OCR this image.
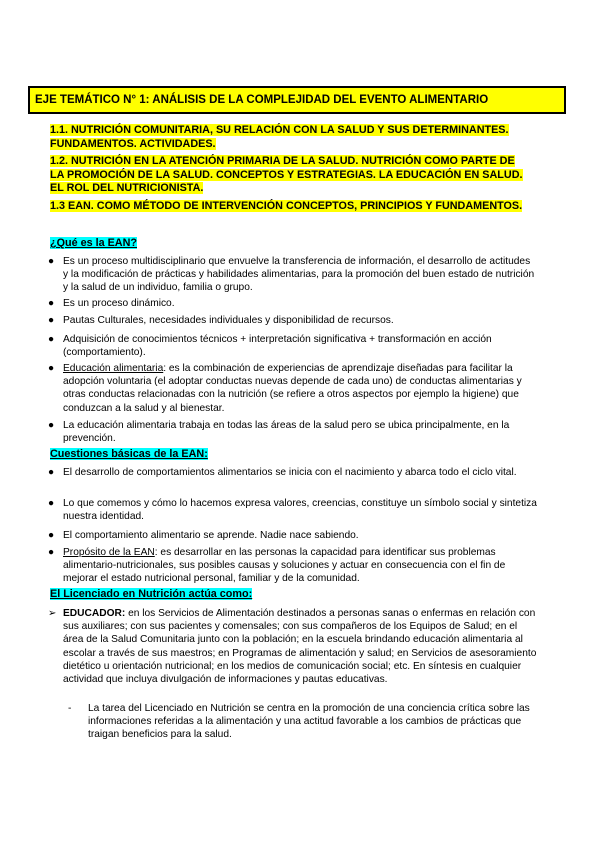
EJE TEMÁTICO N° 1: ANÁLISIS DE LA COMPLEJIDAD DEL EVENTO ALIMENTARIO
1.1. NUTRICIÓN COMUNITARIA, SU RELACIÓN CON LA SALUD Y SUS DETERMINANTES. FUNDAMENTOS. ACTIVIDADES.
1.2. NUTRICIÓN EN LA ATENCIÓN PRIMARIA DE LA SALUD. NUTRICIÓN COMO PARTE DE LA PROMOCIÓN DE LA SALUD. CONCEPTOS Y ESTRATEGIAS. LA EDUCACIÓN EN SALUD. EL ROL DEL NUTRICIONISTA.
1.3 EAN. COMO MÉTODO DE INTERVENCIÓN CONCEPTOS, PRINCIPIOS Y FUNDAMENTOS.
¿Qué es la EAN?
● Es un proceso multidisciplinario que envuelve la transferencia de información, el desarrollo de actitudes y la modificación de prácticas y habilidades alimentarias, para la promoción del buen estado de nutrición y la salud de un individuo, familia o grupo.
● Es un proceso dinámico.
● Pautas Culturales, necesidades individuales y disponibilidad de recursos.
● Adquisición de conocimientos técnicos + interpretación significativa + transformación en acción (comportamiento).
● Educación alimentaria: es la combinación de experiencias de aprendizaje diseñadas para facilitar la adopción voluntaria (el adoptar conductas nuevas depende de cada uno) de conductas alimentarias y otras conductas relacionadas con la nutrición (se refiere a otros aspectos por ejemplo la higiene) que conduzcan a la salud y al bienestar.
● La educación alimentaria trabaja en todas las áreas de la salud pero se ubica principalmente, en la prevención.
Cuestiones básicas de la EAN:
● El desarrollo de comportamientos alimentarios se inicia con el nacimiento y abarca todo el ciclo vital.
● Lo que comemos y cómo lo hacemos expresa valores, creencias, constituye un símbolo social y sintetiza nuestra identidad.
● El comportamiento alimentario se aprende. Nadie nace sabiendo.
● Propósito de la EAN: es desarrollar en las personas la capacidad para identificar sus problemas alimentario-nutricionales, sus posibles causas y soluciones y actuar en consecuencia con el fin de mejorar el estado nutricional personal, familiar y de la comunidad.
El Licenciado en Nutrición actúa como:
➢ EDUCADOR: en los Servicios de Alimentación destinados a personas sanas o enfermas en relación con sus auxiliares; con sus pacientes y comensales; con sus compañeros de los Equipos de Salud; en el área de la Salud Comunitaria junto con la población; en la escuela brindando educación alimentaria al escolar a través de sus maestros; en Programas de alimentación y salud; en Servicios de asesoramiento dietético u orientación nutricional; en los medios de comunicación social; etc. En síntesis en cualquier actividad que incluya divulgación de informaciones y pautas educativas.
- La tarea del Licenciado en Nutrición se centra en la promoción de una conciencia crítica sobre las informaciones referidas a la alimentación y una actitud favorable a los cambios de prácticas que traigan beneficios para la salud.
